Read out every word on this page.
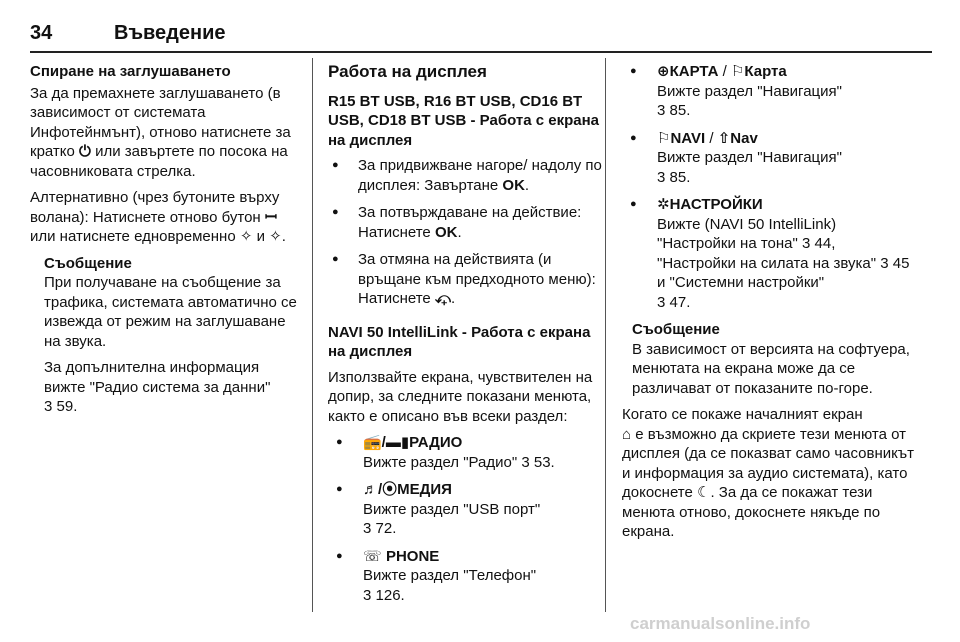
34	Въведение
Спиране на заглушаването

За да премахнете заглушаването (в зависимост от системата Инфотейнмънт), отново натиснете за кратко ⏻ или завъртете по посока на часовниковата стрелка.

Алтернативно (чрез бутоните върху волана): Натиснете отново бутон ꟷ или натиснете едновременно ✧ и ✧.

Съобщение

При получаване на съобщение за трафика, системата автоматично се извежда от режим на заглушаване на звука.

За допълнителна информация вижте "Радио система за данни"
3 59.

Работа на дисплея
R15 BT USB, R16 BT USB, CD16 BT USB, CD18 BT USB - Работа с екрана на дисплея
● За придвижване нагоре/ надолу по дисплея: Завъртане OK.
● За потвърждаване на действие: Натиснете OK.
● За отмяна на действията (и връщане към предходното меню): Натиснете ⤽.
NAVI 50 IntelliLink - Работа с екрана на дисплея

Използвайте екрана, чувствителен на допир, за следните показани менюта, както е описано във всеки раздел:

● 📻/▬▮РАДИО
Вижте раздел "Радио" 3 53.
● ♬/⦿МЕДИЯ
Вижте раздел "USB порт"
3 72.
● ☏ PHONE
Вижте раздел "Телефон"
3 126.
● ⊕КАРТА / ⚐Карта
Вижте раздел "Навигация"
3 85.
● ⚐NAVI / ⇧Nav
Вижте раздел "Навигация"
3 85.
● ✲НАСТРОЙКИ
Вижте (NAVI 50 IntelliLink) "Настройки на тона" 3 44, "Настройки на силата на звука" 3 45 и "Системни настройки"
3 47.
Съобщение

В зависимост от версията на софтуера, менютата на екрана може да се различават от показаните по-горе.

Когато се покаже началният екран
⌂ е възможно да скриете тези менюта от дисплея (да се показват само часовникът и информация за аудио системата), като докоснете ☾. За да се покажат тези менюта отново, докоснете някъде по екрана.

carmanualsonline.info
